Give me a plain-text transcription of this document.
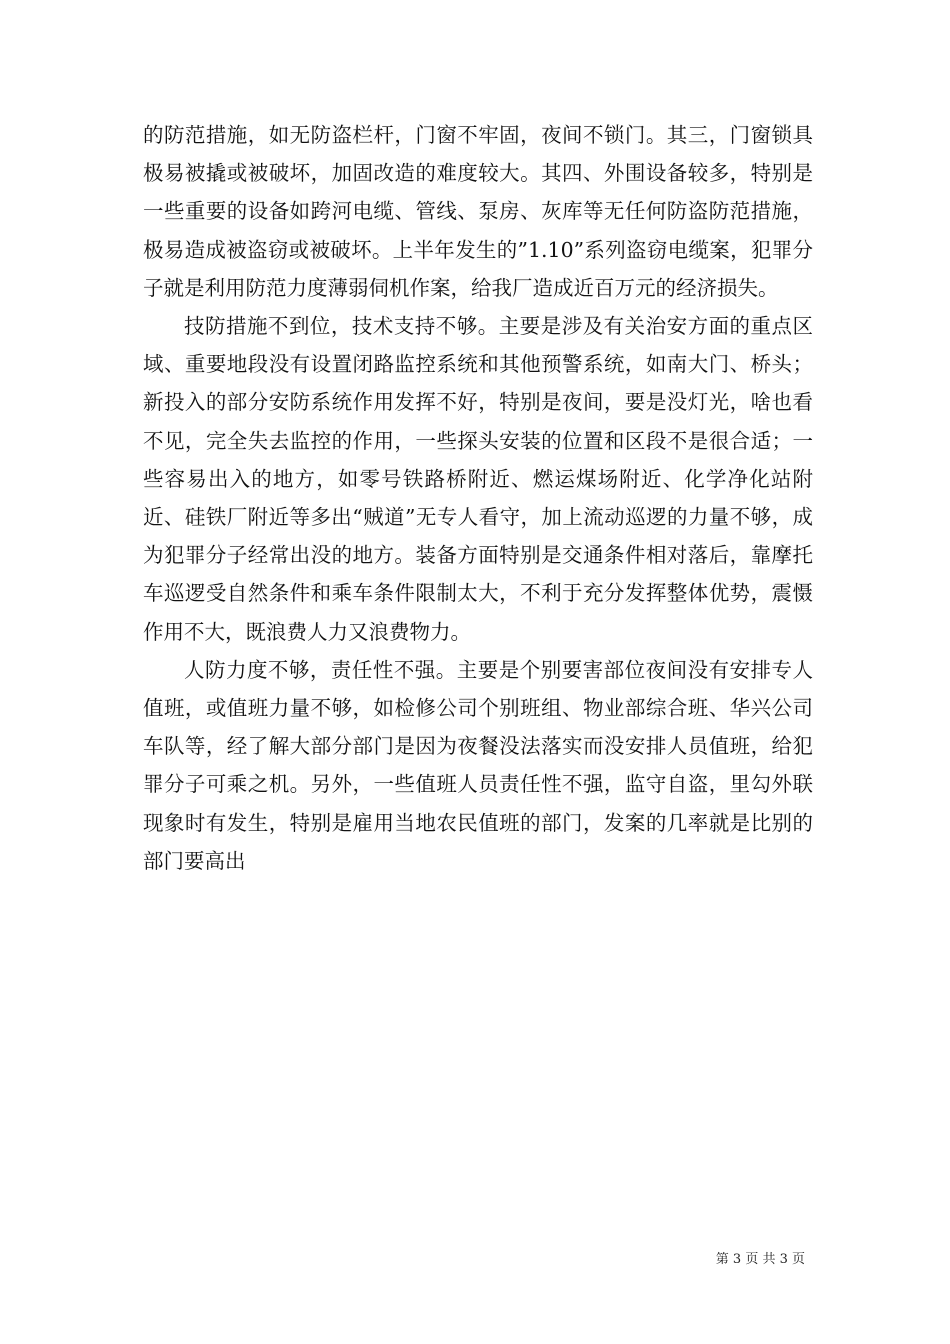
的防范措施，如无防盗栏杆，门窗不牢固，夜间不锁门。其三，门窗锁具极易被撬或被破坏，加固改造的难度较大。其四、外围设备较多，特别是一些重要的设备如跨河电缆、管线、泵房、灰库等无任何防盗防范措施，极易造成被盗窃或被破坏。上半年发生的”1.10”系列盗窃电缆案，犯罪分子就是利用防范力度薄弱伺机作案，给我厂造成近百万元的经济损失。

技防措施不到位，技术支持不够。主要是涉及有关治安方面的重点区域、重要地段没有设置闭路监控系统和其他预警系统，如南大门、桥头；新投入的部分安防系统作用发挥不好，特别是夜间，要是没灯光，啥也看不见，完全失去监控的作用，一些探头安装的位置和区段不是很合适；一些容易出入的地方，如零号铁路桥附近、燃运煤场附近、化学净化站附近、硅铁厂附近等多出“贼道”无专人看守，加上流动巡逻的力量不够，成为犯罪分子经常出没的地方。装备方面特别是交通条件相对落后，靠摩托车巡逻受自然条件和乘车条件限制太大，不利于充分发挥整体优势，震慑作用不大，既浪费人力又浪费物力。

人防力度不够，责任性不强。主要是个别要害部位夜间没有安排专人值班，或值班力量不够，如检修公司个别班组、物业部综合班、华兴公司车队等，经了解大部分部门是因为夜餐没法落实而没安排人员值班，给犯罪分子可乘之机。另外，一些值班人员责任性不强，监守自盗，里勾外联现象时有发生，特别是雇用当地农民值班的部门，发案的几率就是比别的部门要高出

第 3 页 共 3 页
